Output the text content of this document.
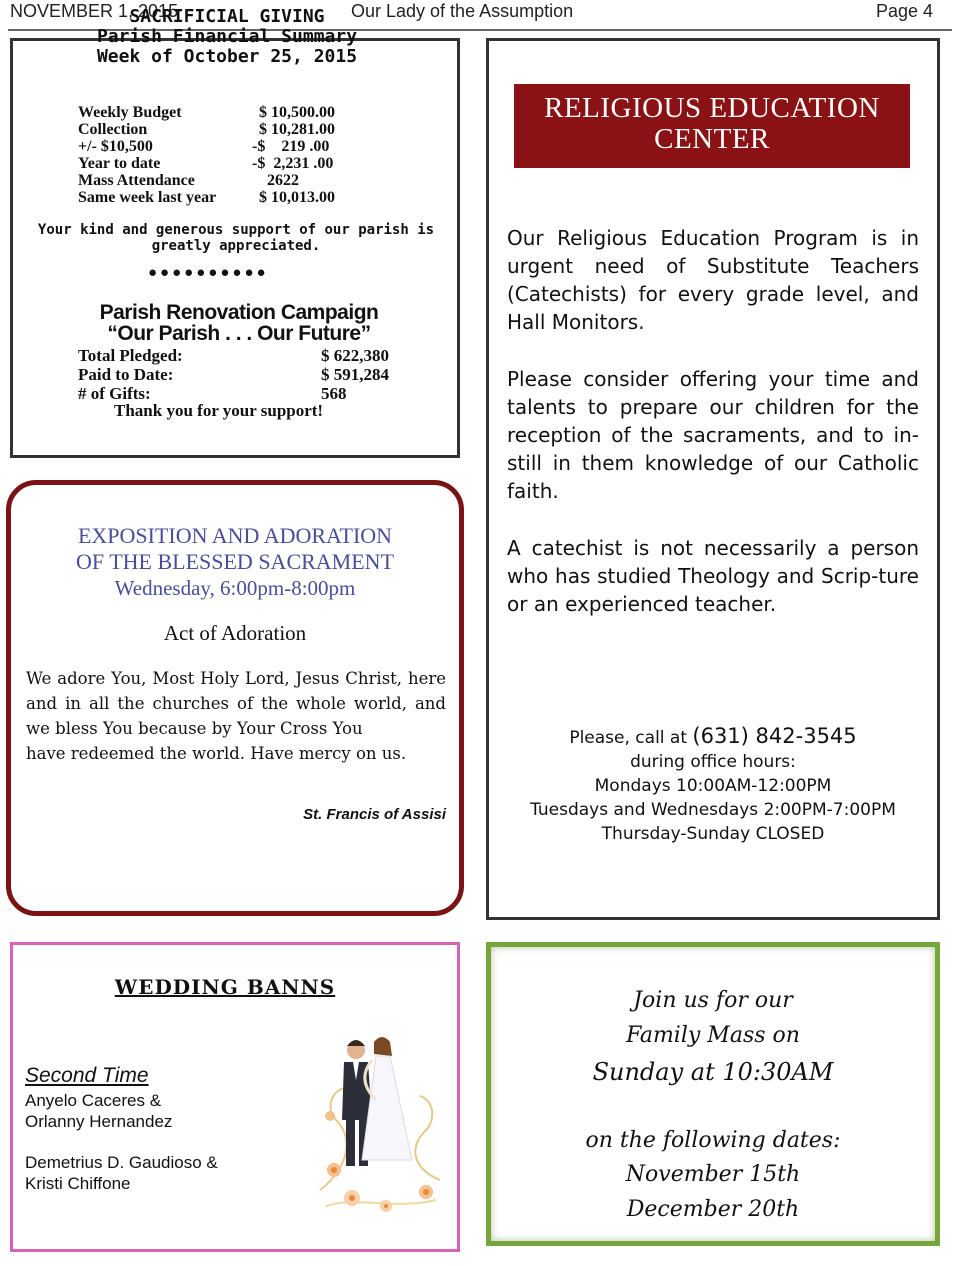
NOVEMBER 1, 2015	Our Lady of the Assumption	Page 4
SACRIFICIAL GIVING
Parish Financial Summary
Week of October 25, 2015
Weekly Budget	$ 10,500.00
Collection	$ 10,281.00
+/- $10,500	-$    219 .00
Year to date	-$  2,231 .00
Mass Attendance	2622
Same week last year	$ 10,013.00
Your kind and generous support of our parish is greatly appreciated.
●●●●●●●●●●
Parish Renovation Campaign
“Our Parish . . . Our Future”
Total Pledged:	$ 622,380
Paid to Date:	$ 591,284
# of Gifts:	568
Thank you for your support!
EXPOSITION AND ADORATION
OF THE BLESSED SACRAMENT
Wednesday, 6:00pm-8:00pm
Act of Adoration
We adore You, Most Holy Lord, Jesus Christ, here and in all the churches of the whole world, and we bless You because by Your Cross You
have redeemed the world. Have mercy on us.
St. Francis of Assisi
RELIGIOUS EDUCATION
CENTER
Our Religious Education Program is in urgent need of Substitute Teachers (Catechists) for every grade level, and Hall Monitors.
Please consider offering your time and talents to prepare our children for the reception of the sacraments, and to in-still in them knowledge of our Catholic faith.
A catechist is not necessarily a person who has studied Theology and Scrip-ture or an experienced teacher.
Please, call at (631) 842-3545
during office hours:
Mondays 10:00AM-12:00PM
Tuesdays and Wednesdays 2:00PM-7:00PM
Thursday-Sunday CLOSED
WEDDING BANNS
Second Time
Anyelo Caceres &
Orlanny Hernandez
Demetrius D. Gaudioso &
Kristi Chiffone
Join us for our
Family Mass on
Sunday at 10:30AM
on the following dates:
November 15th
December 20th
